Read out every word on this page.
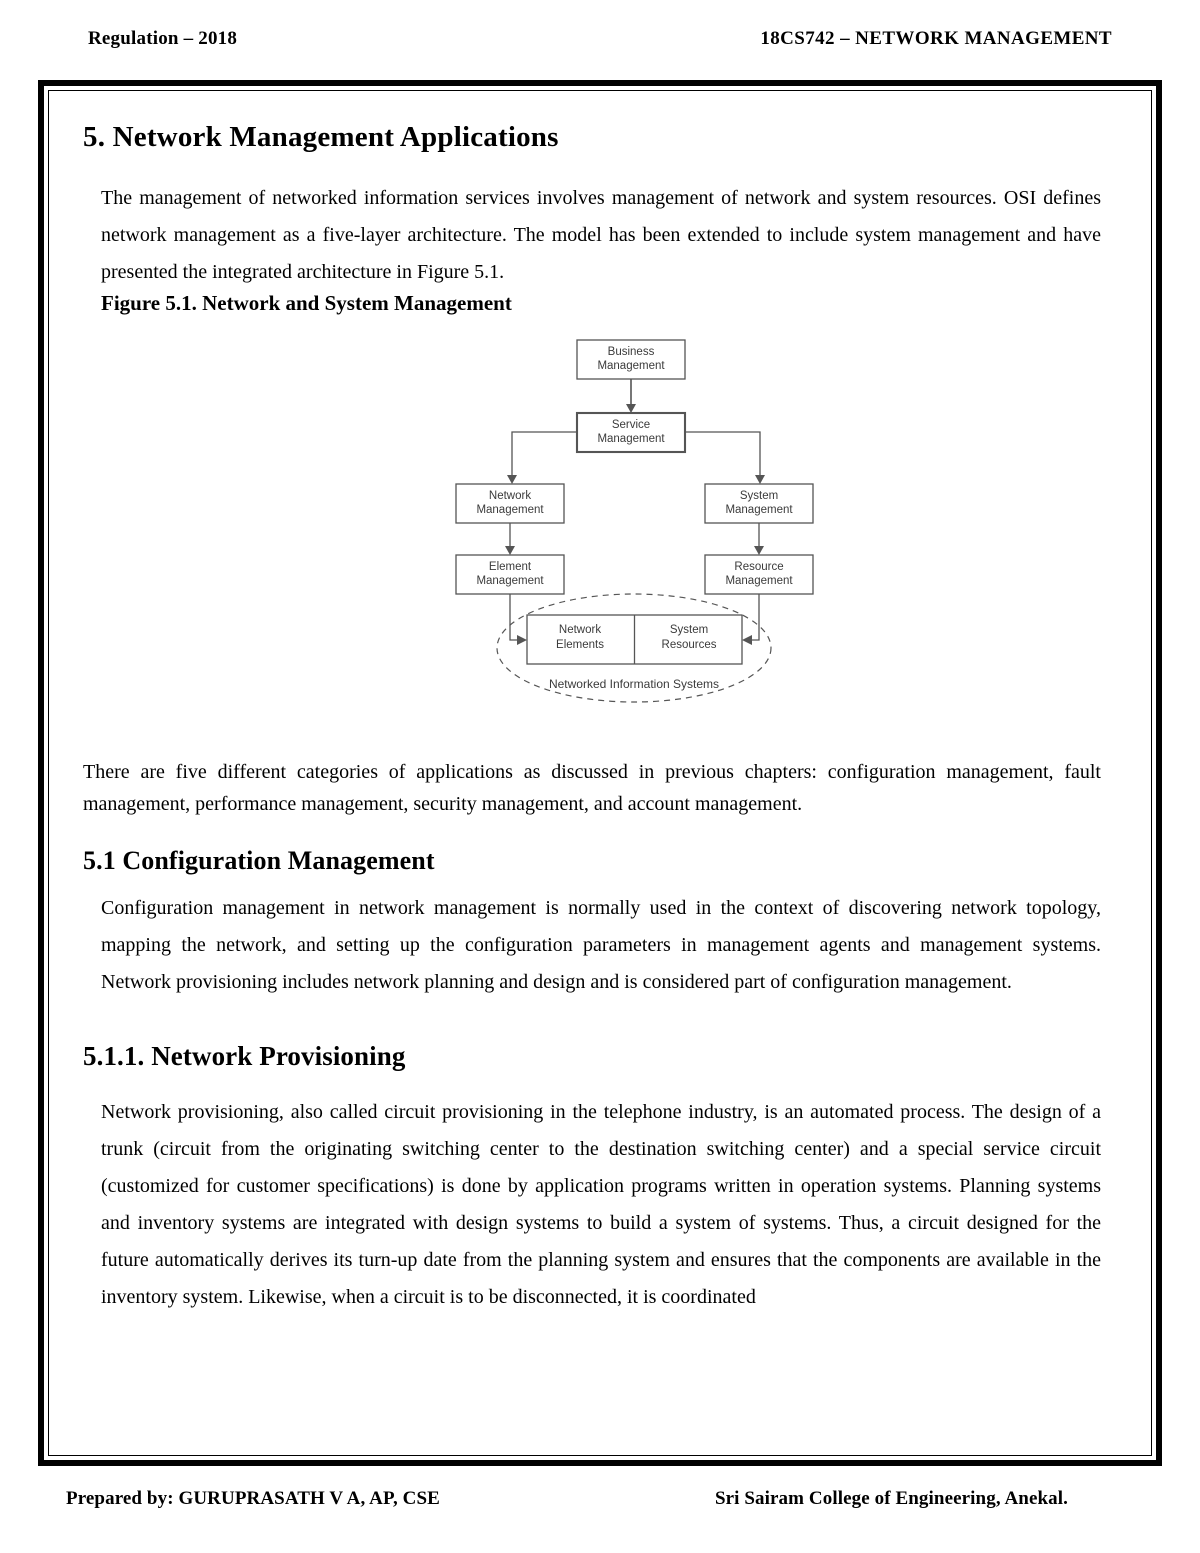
Regulation – 2018	18CS742 – NETWORK MANAGEMENT
5. Network Management Applications

The management of networked information services involves management of network and system resources. OSI defines network management as a five-layer architecture. The model has been extended to include system management and have presented the integrated architecture in Figure 5.1.

Figure 5.1. Network and System Management
Business
Management
Service
Management
Network
Management
System
Management
Element
Management
Resource
Management
Network
Elements
System
Resources
Networked Information Systems

There are five different categories of applications as discussed in previous chapters: configuration management, fault management, performance management, security management, and account management.

5.1 Configuration Management

Configuration management in network management is normally used in the context of discovering network topology, mapping the network, and setting up the configuration parameters in management agents and management systems. Network provisioning includes network planning and design and is considered part of configuration management.

5.1.1. Network Provisioning

Network provisioning, also called circuit provisioning in the telephone industry, is an automated process. The design of a trunk (circuit from the originating switching center to the destination switching center) and a special service circuit (customized for customer specifications) is done by application programs written in operation systems. Planning systems and inventory systems are integrated with design systems to build a system of systems. Thus, a circuit designed for the future automatically derives its turn-up date from the planning system and ensures that the components are available in the inventory system. Likewise, when a circuit is to be disconnected, it is coordinated

Prepared by: GURUPRASATH V A, AP, CSE	Sri Sairam College of Engineering, Anekal.
